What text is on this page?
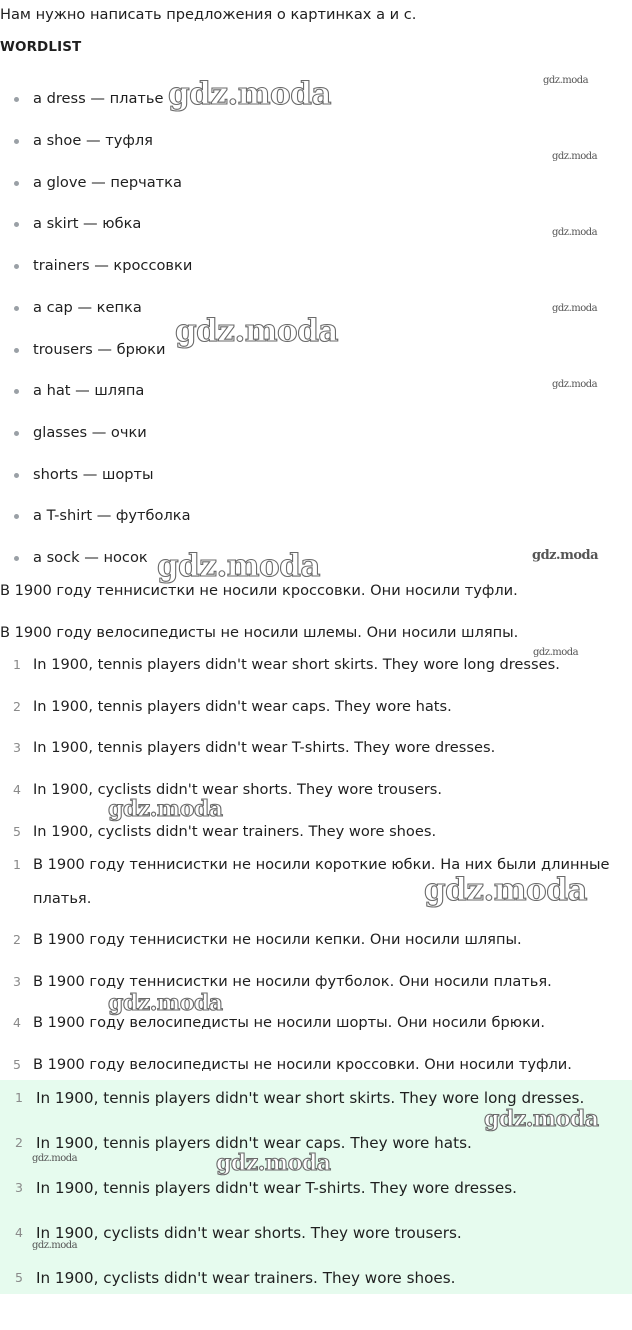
Нам нужно написать предложения о картинках a и c.
WORDLIST
a dress — платье
a shoe — туфля
a glove — перчатка
a skirt — юбка
trainers — кроссовки
a cap — кепка
trousers — брюки
a hat — шляпа
glasses — очки
shorts — шорты
a T-shirt — футболка
a sock — носок
В 1900 году теннисистки не носили кроссовки. Они носили туфли.
В 1900 году велосипедисты не носили шлемы. Они носили шляпы.
1 In 1900, tennis players didn't wear short skirts. They wore long dresses.
2 In 1900, tennis players didn't wear caps. They wore hats.
3 In 1900, tennis players didn't wear T-shirts. They wore dresses.
4 In 1900, cyclists didn't wear shorts. They wore trousers.
5 In 1900, cyclists didn't wear trainers. They wore shoes.
1 В 1900 году теннисистки не носили короткие юбки. На них были длинные платья.
2 В 1900 году теннисистки не носили кепки. Они носили шляпы.
3 В 1900 году теннисистки не носили футболок. Они носили платья.
4 В 1900 году велосипедисты не носили шорты. Они носили брюки.
5 В 1900 году велосипедисты не носили кроссовки. Они носили туфли.
1 In 1900, tennis players didn't wear short skirts. They wore long dresses.
2 In 1900, tennis players didn't wear caps. They wore hats.
3 In 1900, tennis players didn't wear T-shirts. They wore dresses.
4 In 1900, cyclists didn't wear shorts. They wore trousers.
5 In 1900, cyclists didn't wear trainers. They wore shoes.
gdz.moda
gdz.moda
gdz.moda
gdz.moda
gdz.moda
gdz.moda
gdz.moda
gdz.moda
gdz.moda
gdz.moda
gdz.moda
gdz.moda
gdz.moda
gdz.moda
gdz.moda
gdz.moda
gdz.moda
